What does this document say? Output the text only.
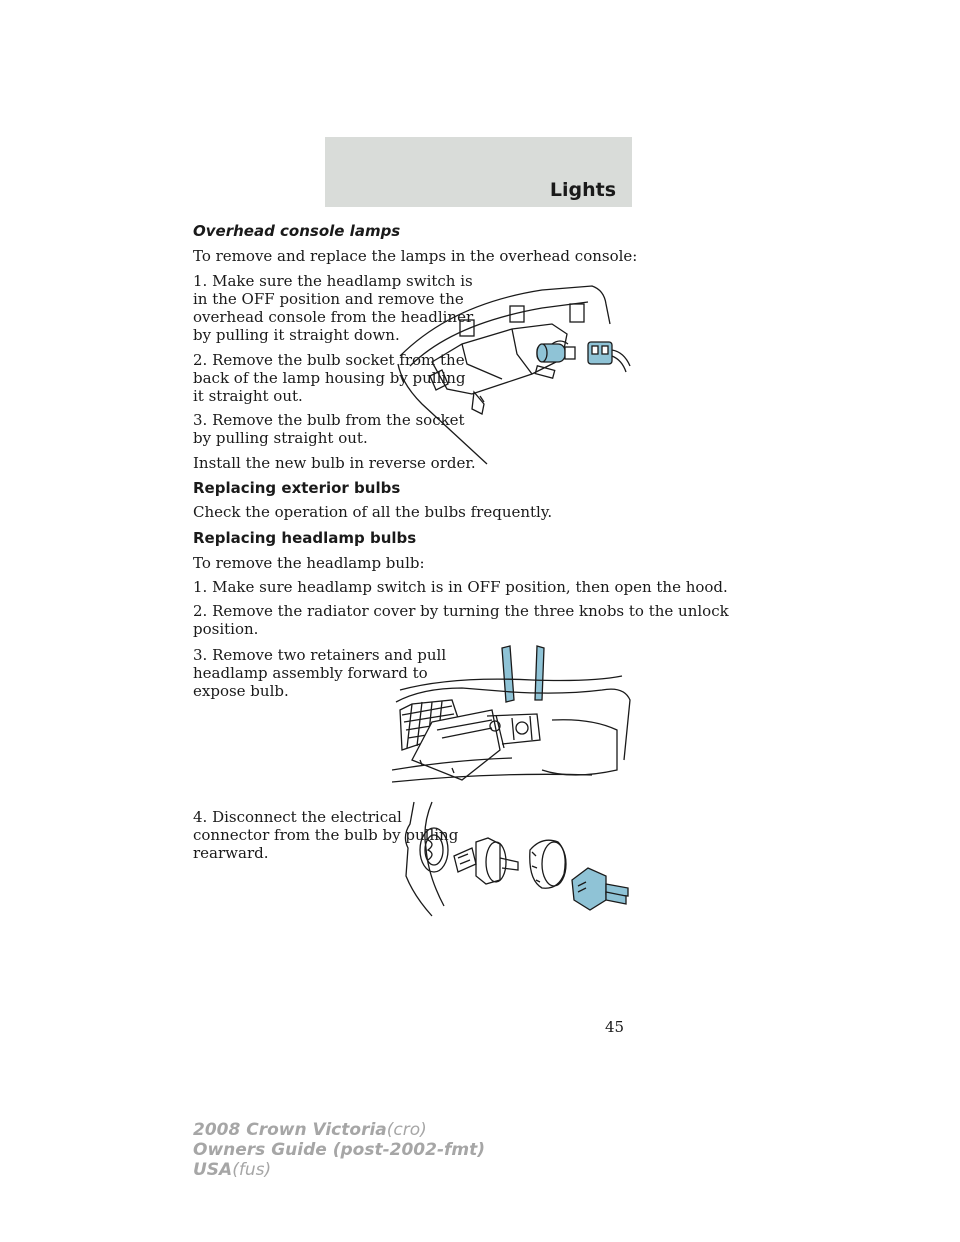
Lights

Overhead console lamps

To remove and replace the lamps in the overhead console:

1. Make sure the headlamp switch is

in the OFF position and remove the

overhead console from the headliner

by pulling it straight down.

2. Remove the bulb socket from the

back of the lamp housing by pulling

it straight out.

3. Remove the bulb from the socket

by pulling straight out.

Install the new bulb in reverse order.

Replacing exterior bulbs

Check the operation of all the bulbs frequently.

Replacing headlamp bulbs

To remove the headlamp bulb:

1. Make sure headlamp switch is in OFF position, then open the hood.

2. Remove the radiator cover by turning the three knobs to the unlock

position.

3. Remove two retainers and pull

headlamp assembly forward to

expose bulb.

4. Disconnect the electrical

connector from the bulb by pulling

rearward.

45
2008 Crown Victoria(cro)
Owners Guide (post-2002-fmt)
USA(fus)
